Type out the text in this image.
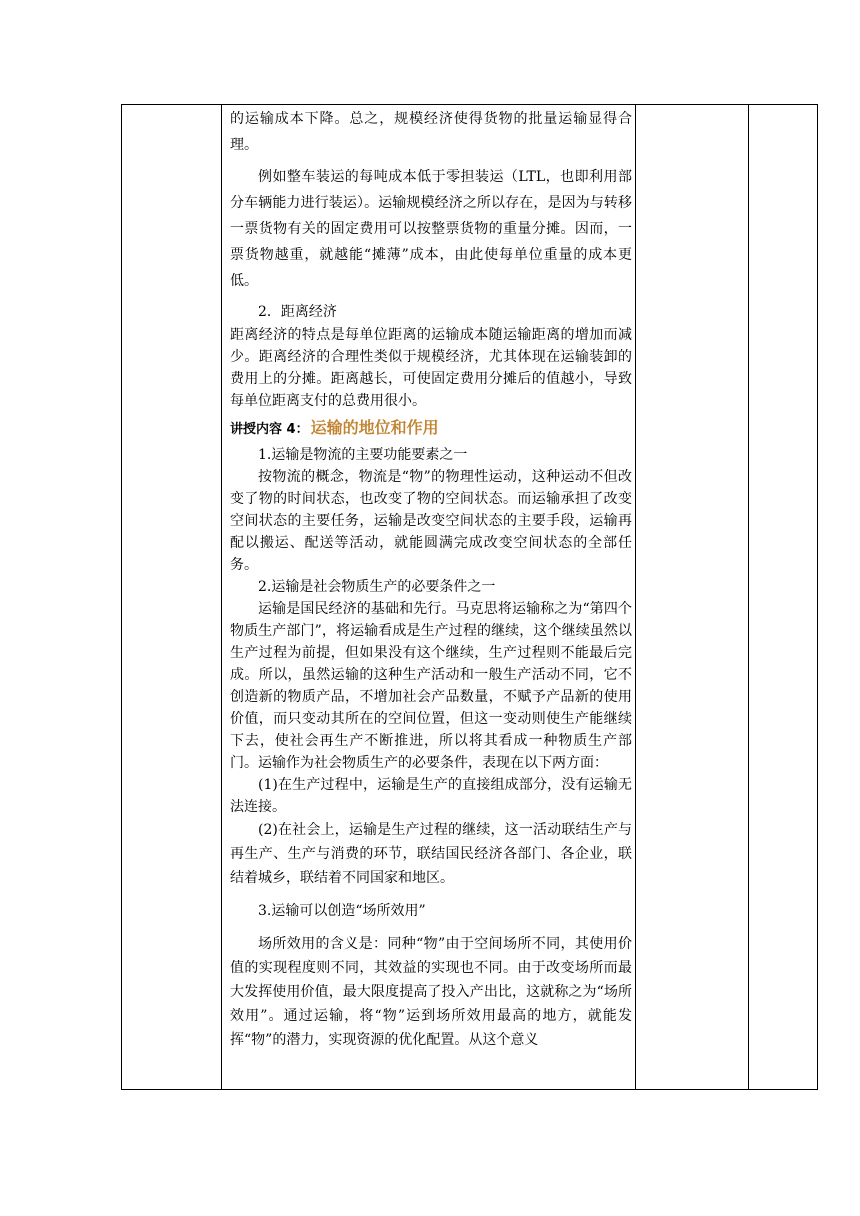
的运输成本下降。总之，规模经济使得货物的批量运输显得合理。

例如整车装运的每吨成本低于零担装运（LTL，也即利用部分车辆能力进行装运）。运输规模经济之所以存在，是因为与转移一票货物有关的固定费用可以按整票货物的重量分摊。因而，一票货物越重，就越能“摊薄”成本，由此使每单位重量的成本更低。

2．距离经济

距离经济的特点是每单位距离的运输成本随运输距离的增加而减少。距离经济的合理性类似于规模经济，尤其体现在运输装卸的费用上的分摊。距离越长，可使固定费用分摊后的值越小，导致每单位距离支付的总费用很小。

讲授内容 4： 运输的地位和作用

1.运输是物流的主要功能要素之一

按物流的概念，物流是“物”的物理性运动，这种运动不但改变了物的时间状态，也改变了物的空间状态。而运输承担了改变空间状态的主要任务，运输是改变空间状态的主要手段，运输再配以搬运、配送等活动，就能圆满完成改变空间状态的全部任务。

2.运输是社会物质生产的必要条件之一

运输是国民经济的基础和先行。马克思将运输称之为“第四个物质生产部门”，将运输看成是生产过程的继续，这个继续虽然以生产过程为前提，但如果没有这个继续，生产过程则不能最后完成。所以，虽然运输的这种生产活动和一般生产活动不同，它不创造新的物质产品，不增加社会产品数量，不赋予产品新的使用价值，而只变动其所在的空间位置，但这一变动则使生产能继续下去，使社会再生产不断推进，所以将其看成一种物质生产部门。运输作为社会物质生产的必要条件，表现在以下两方面：

(1)在生产过程中，运输是生产的直接组成部分，没有运输无法连接。

(2)在社会上，运输是生产过程的继续，这一活动联结生产与再生产、生产与消费的环节，联结国民经济各部门、各企业，联结着城乡，联结着不同国家和地区。

3.运输可以创造“场所效用”

场所效用的含义是：同种“物”由于空间场所不同，其使用价值的实现程度则不同，其效益的实现也不同。由于改变场所而最大发挥使用价值，最大限度提高了投入产出比，这就称之为“场所效用”。通过运输，将“物”运到场所效用最高的地方，就能发挥“物”的潜力，实现资源的优化配置。从这个意义
